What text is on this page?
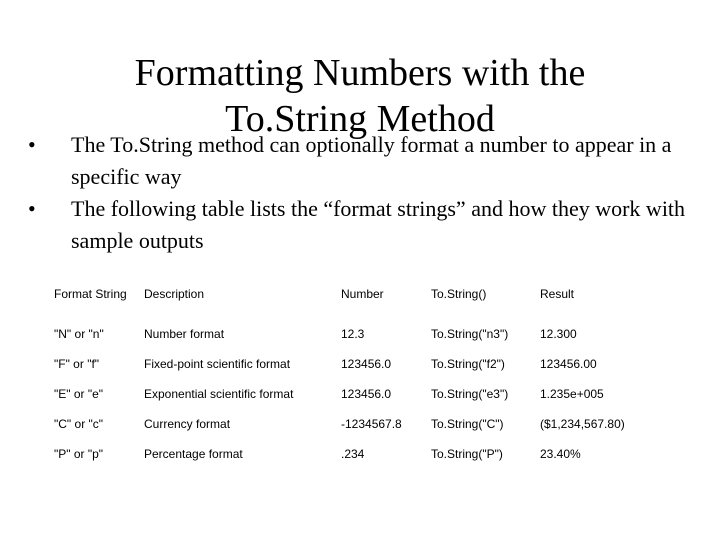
Formatting Numbers with the
To.String Method
•	The To.String method can optionally format a number to appear in a specific way
•	The following table lists the “format strings” and how they work with sample outputs
Format String	Description	Number	To.String()	Result
"N" or "n"	Number format	12.3	To.String("n3")	12.300
"F" or "f"	Fixed-point scientific format	123456.0	To.String("f2")	123456.00
"E" or "e"	Exponential scientific format	123456.0	To.String("e3")	1.235e+005
"C" or "c"	Currency format	-1234567.8	To.String("C")	($1,234,567.80)
"P" or "p"	Percentage format	.234	To.String("P")	23.40%
